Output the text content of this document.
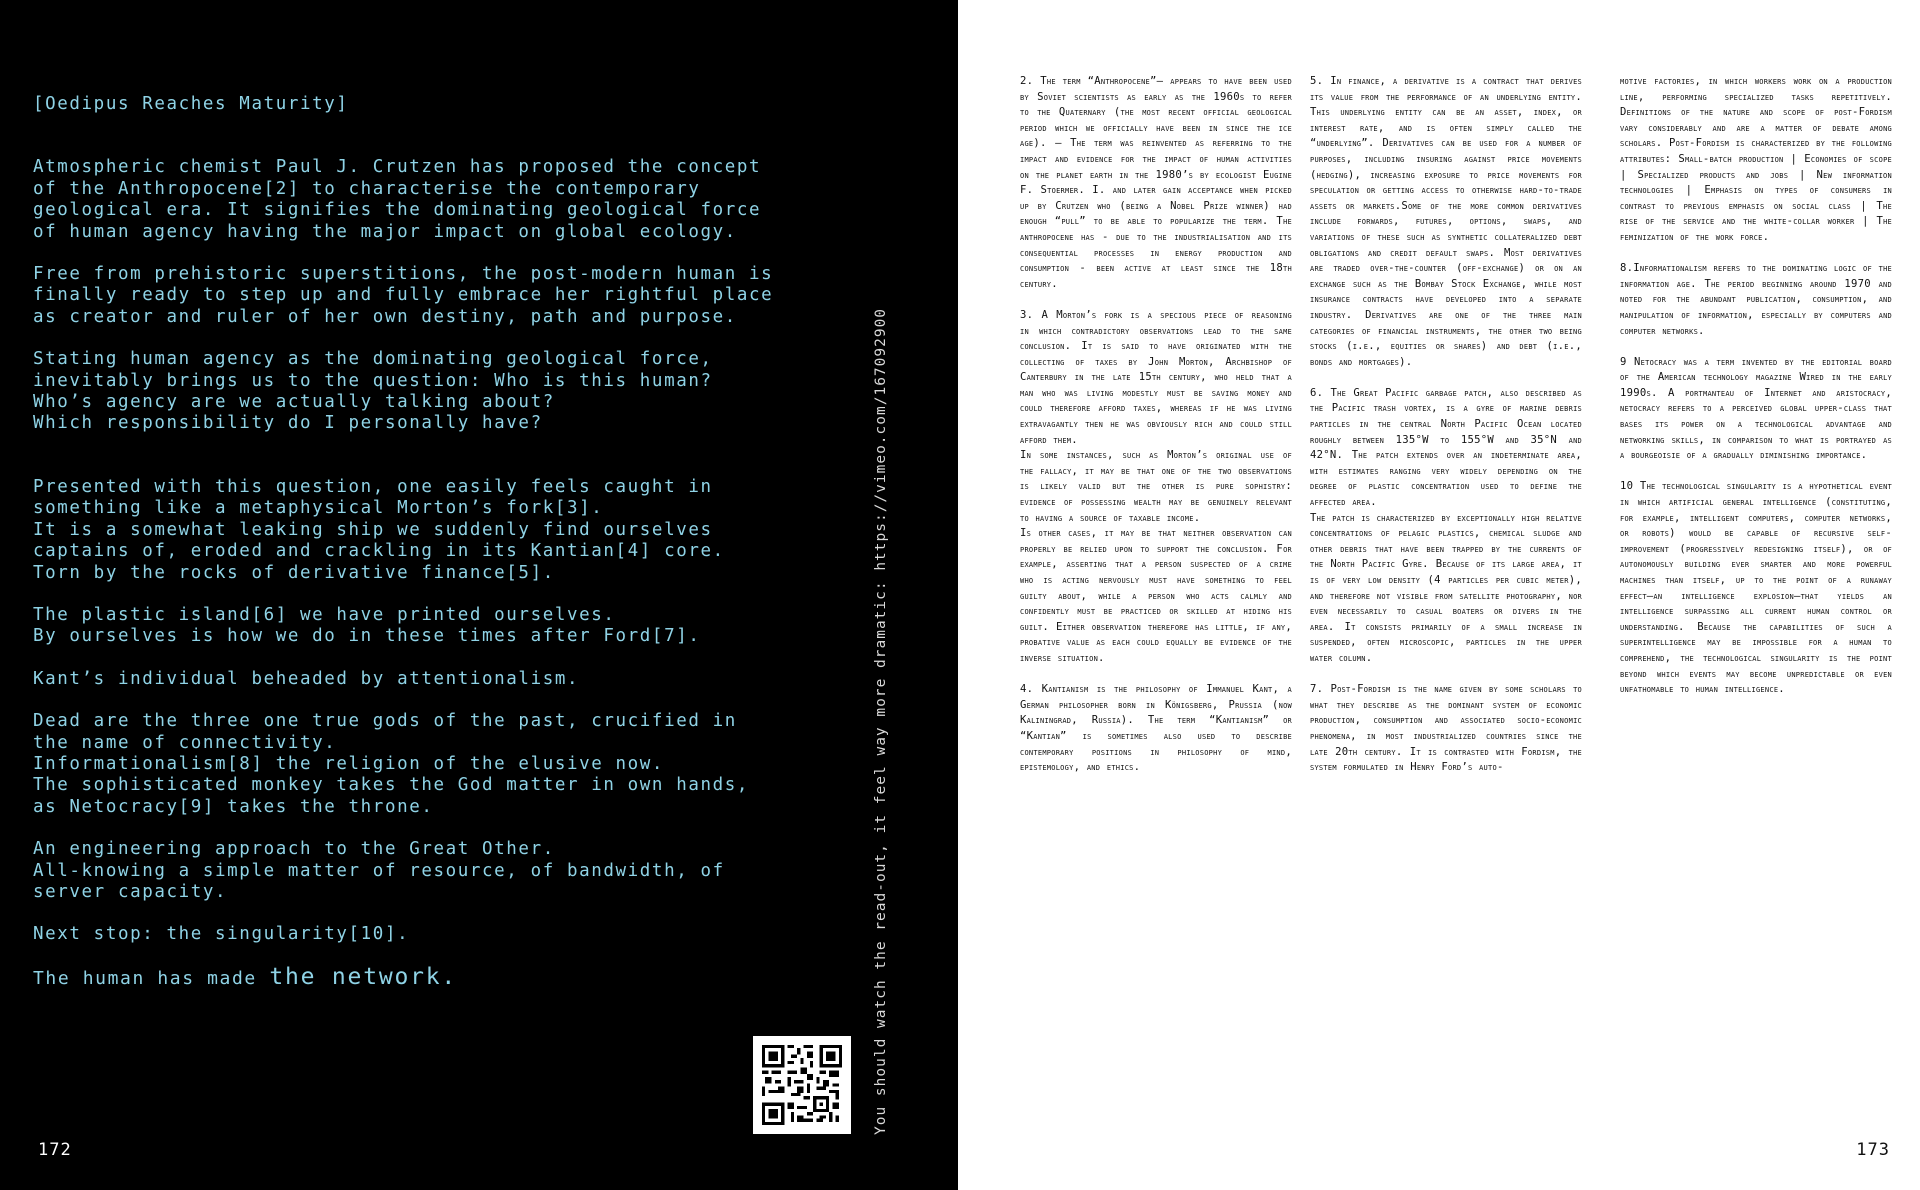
[Oedipus Reaches Maturity]
Atmospheric chemist Paul J. Crutzen has proposed the concept
of the Anthropocene[2] to characterise the contemporary
geological era. It signifies the dominating geological force
of human agency having the major impact on global ecology.
Free from prehistoric superstitions, the post-modern human is
finally ready to step up and fully embrace her rightful place
as creator and ruler of her own destiny, path and purpose.
Stating human agency as the dominating geological force,
inevitably brings us to the question: Who is this human?
Who’s agency are we actually talking about?
Which responsibility do I personally have?
Presented with this question, one easily feels caught in
something like a metaphysical Morton’s fork[3].
It is a somewhat leaking ship we suddenly find ourselves
captains of, eroded and crackling in its Kantian[4] core.
Torn by the rocks of derivative finance[5].
The plastic island[6] we have printed ourselves.
By ourselves is how we do in these times after Ford[7].
Kant’s individual beheaded by attentionalism.
Dead are the three one true gods of the past, crucified in
the name of connectivity.
Informationalism[8] the religion of the elusive now.
The sophisticated monkey takes the God matter in own hands,
as Netocracy[9] takes the throne.
An engineering approach to the Great Other.
All-knowing a simple matter of resource, of bandwidth, of
server capacity.
Next stop: the singularity[10].
The human has made the network.	You should watch the read-out, it feel way more dramatic: https://vimeo.com/167092900
172
2. The term “Anthropocene”— appears to have been used by Soviet scientists as early as the 1960s to refer to the Quaternary (the most recent official geological period which we officially have been in since the ice age). — The term was reinvented as referring to the impact and evidence for the impact of human activities on the planet earth in the 1980’s by ecologist Eugine F. Stoermer. I. and later gain acceptance when picked up by Crutzen who (being a Nobel Prize winner) had enough “pull” to be able to popularize the term. The anthropocene has - due to the industrialisation and its consequential processes in energy production and consumption - been active at least since the 18th century.
3. A Morton’s fork is a specious piece of reasoning in which contradictory observations lead to the same conclusion. It is said to have originated with the collecting of taxes by John Morton, Archbishop of Canterbury in the late 15th century, who held that a man who was living modestly must be saving money and could therefore afford taxes, whereas if he was living extravagantly then he was obviously rich and could still afford them.
In some instances, such as Morton’s original use of the fallacy, it may be that one of the two observations is likely valid but the other is pure sophistry: evidence of possessing wealth may be genuinely relevant to having a source of taxable income.
Is other cases, it may be that neither observation can properly be relied upon to support the conclusion. For example, asserting that a person suspected of a crime who is acting nervously must have something to feel guilty about, while a person who acts calmly and confidently must be practiced or skilled at hiding his guilt. Either observation therefore has little, if any, probative value as each could equally be evidence of the inverse situation.
4. Kantianism is the philosophy of Immanuel Kant, a German philosopher born in Königsberg, Prussia (now Kaliningrad, Russia). The term “Kantianism” or “Kantian” is sometimes also used to describe contemporary positions in philosophy of mind, epistemology, and ethics.
5. In finance, a derivative is a contract that derives its value from the performance of an underlying entity. This underlying entity can be an asset, index, or interest rate, and is often simply called the “underlying”. Derivatives can be used for a number of purposes, including insuring against price movements (hedging), increasing exposure to price movements for speculation or getting access to otherwise hard-to-trade assets or markets.Some of the more common derivatives include forwards, futures, options, swaps, and variations of these such as synthetic collateralized debt obligations and credit default swaps. Most derivatives are traded over-the-counter (off-exchange) or on an exchange such as the Bombay Stock Exchange, while most insurance contracts have developed into a separate industry. Derivatives are one of the three main categories of financial instruments, the other two being stocks (i.e., equities or shares) and debt (i.e., bonds and mortgages).
6. The Great Pacific garbage patch, also described as the Pacific trash vortex, is a gyre of marine debris particles in the central North Pacific Ocean located roughly between 135°W to 155°W and 35°N and 42°N. The patch extends over an indeterminate area, with estimates ranging very widely depending on the degree of plastic concentration used to define the affected area.
The patch is characterized by exceptionally high relative concentrations of pelagic plastics, chemical sludge and other debris that have been trapped by the currents of the North Pacific Gyre. Because of its large area, it is of very low density (4 particles per cubic meter), and therefore not visible from satellite photography, nor even necessarily to casual boaters or divers in the area. It consists primarily of a small increase in suspended, often microscopic, particles in the upper water column.
7. Post-Fordism is the name given by some scholars to what they describe as the dominant system of economic production, consumption and associated socio-economic phenomena, in most industrialized countries since the late 20th century. It is contrasted with Fordism, the system formulated in Henry Ford’s auto-
motive factories, in which workers work on a production line, performing specialized tasks repetitively. Definitions of the nature and scope of post-Fordism vary considerably and are a matter of debate among scholars. Post-Fordism is characterized by the following attributes: Small-batch production | Economies of scope | Specialized products and jobs | New information technologies | Emphasis on types of consumers in contrast to previous emphasis on social class | The rise of the service and the white-collar worker | The feminization of the work force.
8.Informationalism refers to the dominating logic of the information age. The period beginning around 1970 and noted for the abundant publication, consumption, and manipulation of information, especially by computers and computer networks.
9 Netocracy was a term invented by the editorial board of the American technology magazine Wired in the early 1990s. A portmanteau of Internet and aristocracy, netocracy refers to a perceived global upper-class that bases its power on a technological advantage and networking skills, in comparison to what is portrayed as a bourgeoisie of a gradually diminishing importance.
10 The technological singularity is a hypothetical event in which artificial general intelligence (constituting, for example, intelligent computers, computer networks, or robots) would be capable of recursive self-improvement (progressively redesigning itself), or of autonomously building ever smarter and more powerful machines than itself, up to the point of a runaway effect—an intelligence explosion—that yields an intelligence surpassing all current human control or understanding. Because the capabilities of such a superintelligence may be impossible for a human to comprehend, the technological singularity is the point beyond which events may become unpredictable or even unfathomable to human intelligence.
173
